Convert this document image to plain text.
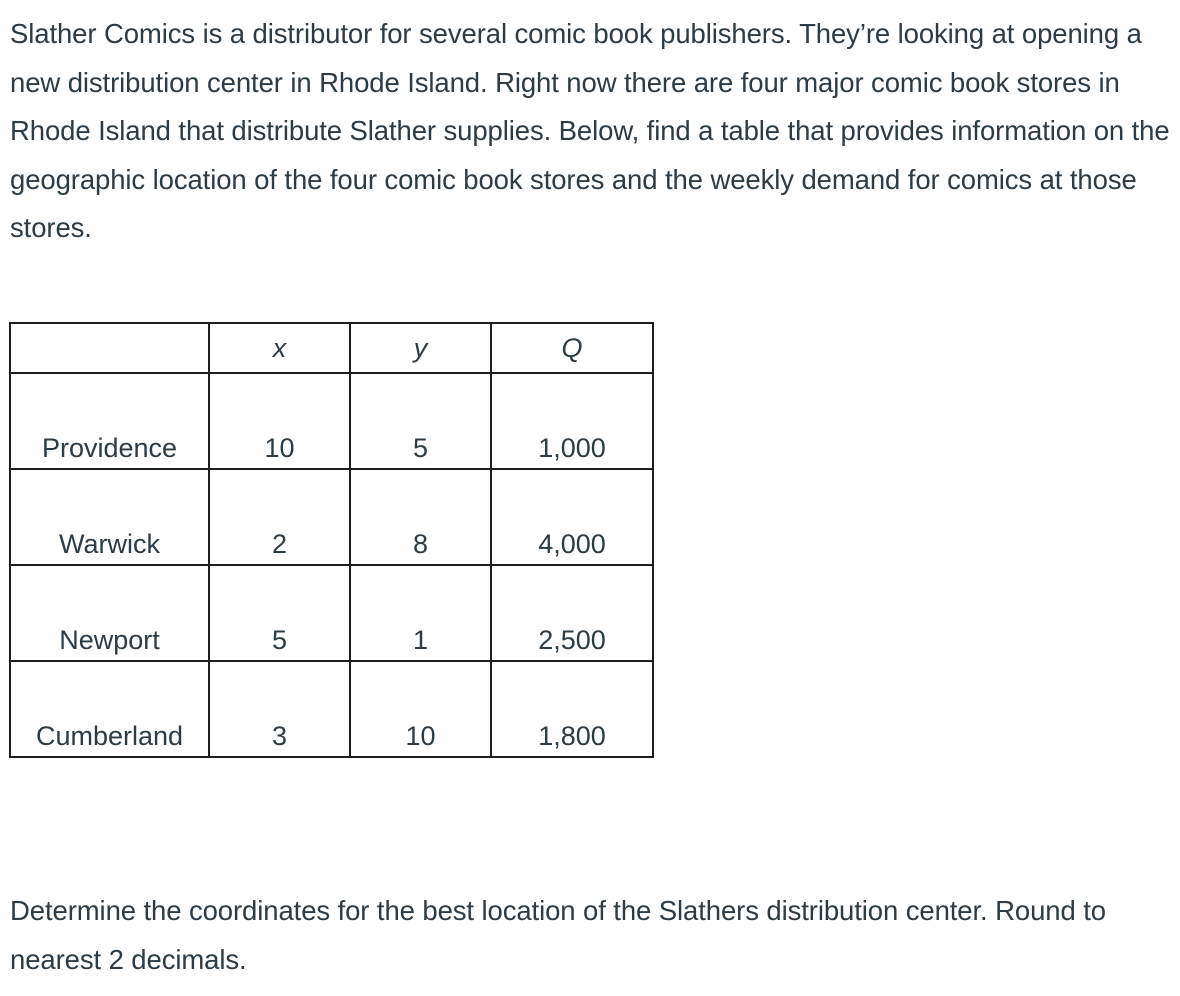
Slather Comics is a distributor for several comic book publishers. They’re looking at opening a new distribution center in Rhode Island. Right now there are four major comic book stores in Rhode Island that distribute Slather supplies. Below, find a table that provides information on the geographic location of the four comic book stores and the weekly demand for comics at those stores.

	x	y	Q
Providence	10	5	1,000
Warwick	2	8	4,000
Newport	5	1	2,500
Cumberland	3	10	1,800

Determine the coordinates for the best location of the Slathers distribution center. Round to nearest 2 decimals.
